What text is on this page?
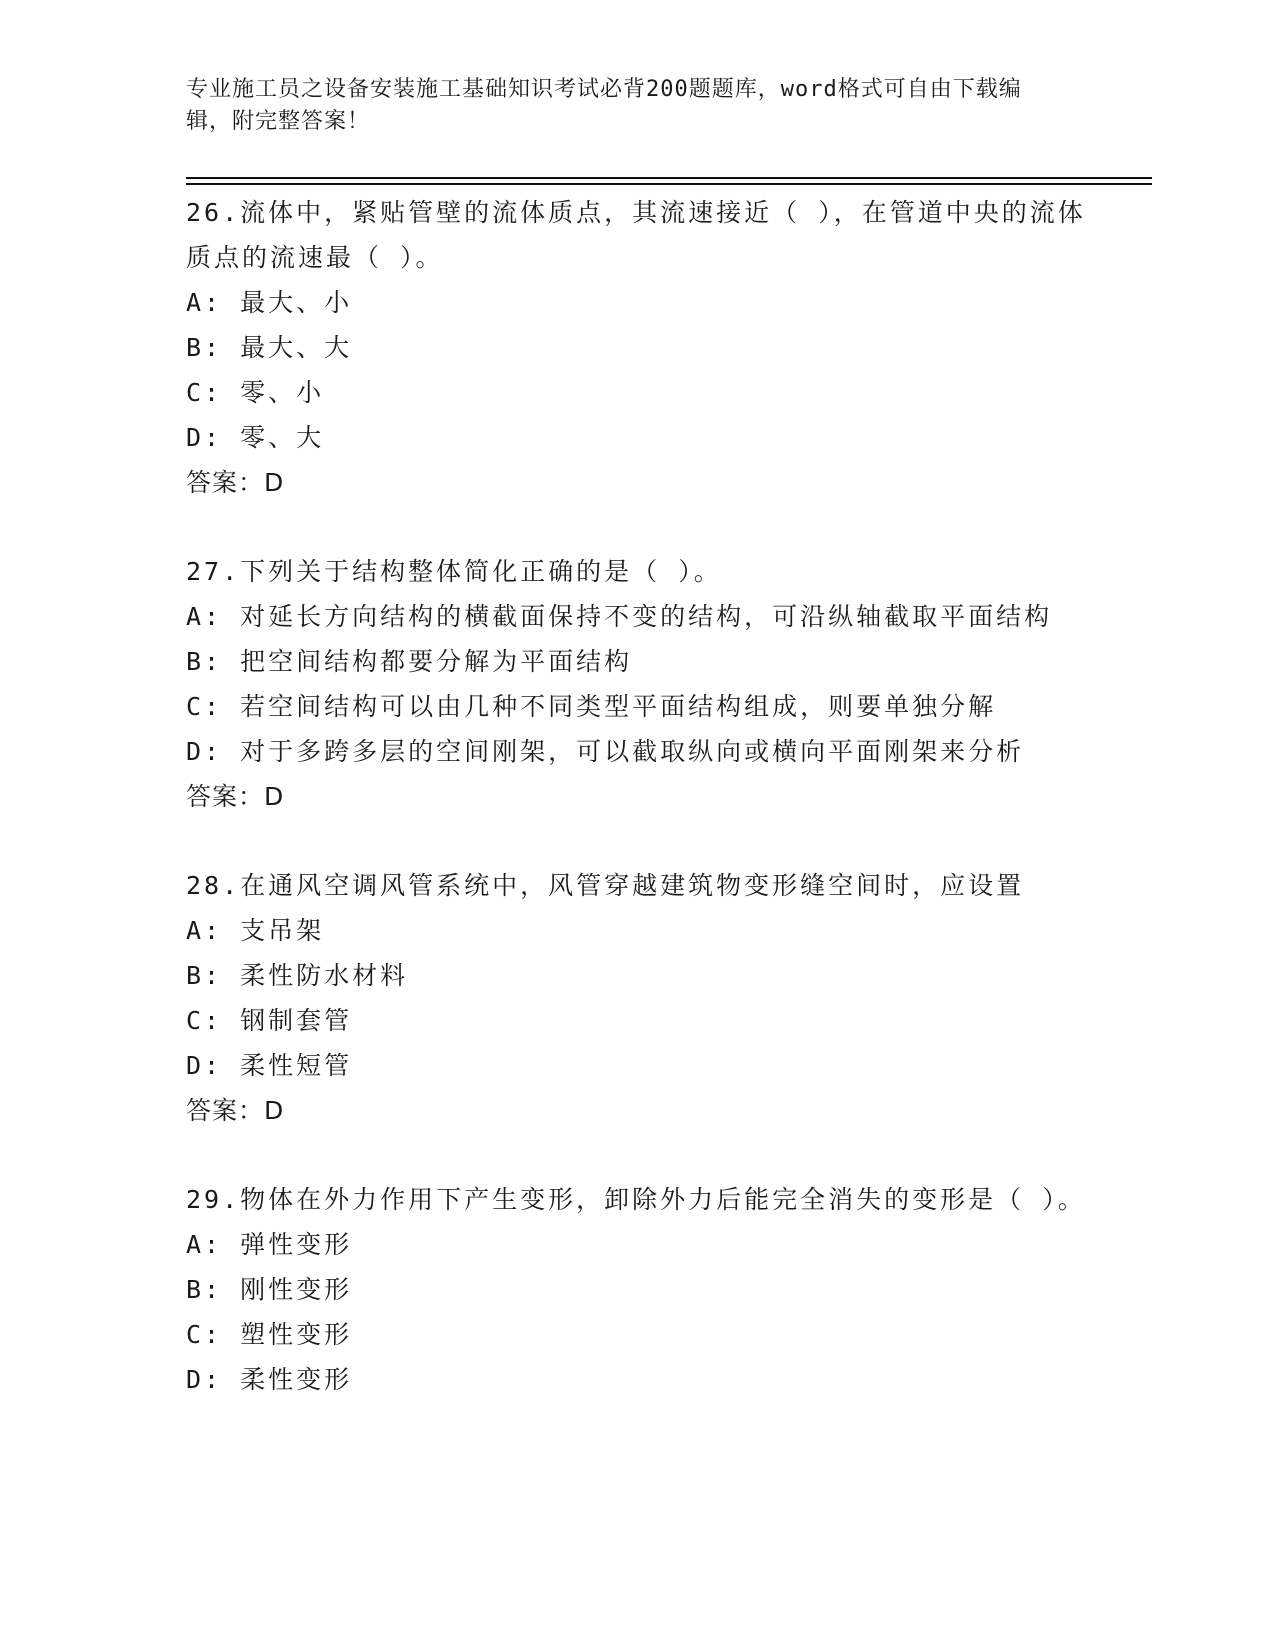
专业施工员之设备安装施工基础知识考试必背200题题库，word格式可自由下载编辑，附完整答案！

26.流体中，紧贴管壁的流体质点，其流速接近（ ），在管道中央的流体质点的流速最（ ）。

A: 最大、小

B: 最大、大

C: 零、小

D: 零、大

答案：D

27.下列关于结构整体简化正确的是（ ）。

A: 对延长方向结构的横截面保持不变的结构，可沿纵轴截取平面结构

B: 把空间结构都要分解为平面结构

C: 若空间结构可以由几种不同类型平面结构组成，则要单独分解

D: 对于多跨多层的空间刚架，可以截取纵向或横向平面刚架来分析

答案：D

28.在通风空调风管系统中，风管穿越建筑物变形缝空间时，应设置

A: 支吊架

B: 柔性防水材料

C: 钢制套管

D: 柔性短管

答案：D

29.物体在外力作用下产生变形，卸除外力后能完全消失的变形是（ ）。

A: 弹性变形

B: 刚性变形

C: 塑性变形

D: 柔性变形
